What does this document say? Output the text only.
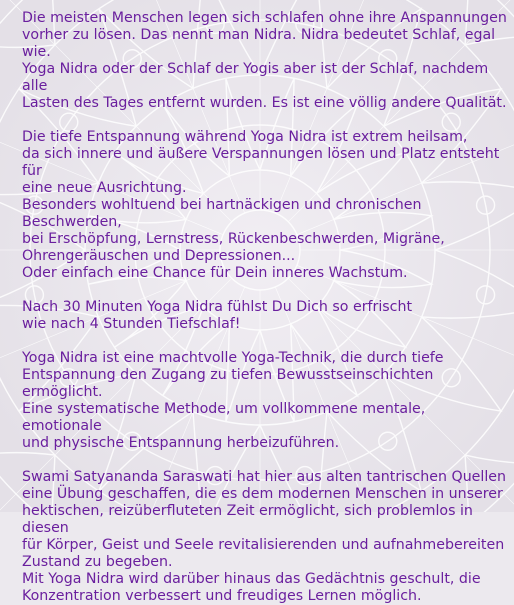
Die meisten Menschen legen sich schlafen ohne ihre Anspannungen

vorher zu lösen. Das nennt man Nidra. Nidra bedeutet Schlaf, egal

wie.

Yoga Nidra oder der Schlaf der Yogis aber ist der Schlaf, nachdem alle

Lasten des Tages entfernt wurden. Es ist eine völlig andere Qualität.

Die tiefe Entspannung während Yoga Nidra ist extrem heilsam,

da sich innere und äußere Verspannungen lösen und Platz entsteht für

eine neue Ausrichtung.

Besonders wohltuend bei hartnäckigen und chronischen Beschwerden,

bei Erschöpfung, Lernstress, Rückenbeschwerden, Migräne,

Ohrengeräuschen und Depressionen...

Oder einfach eine Chance für Dein inneres Wachstum.

Nach 30 Minuten Yoga Nidra fühlst Du Dich so erfrischt

wie nach 4 Stunden Tiefschlaf!

Yoga Nidra ist eine machtvolle Yoga-Technik, die durch tiefe

Entspannung den Zugang zu tiefen Bewusstseinschichten ermöglicht.

Eine systematische Methode, um vollkommene mentale, emotionale

und physische Entspannung herbeizuführen.

Swami Satyananda Saraswati hat hier aus alten tantrischen Quellen

eine Übung geschaffen, die es dem modernen Menschen in unserer

hektischen, reizüberfluteten Zeit ermöglicht, sich problemlos in diesen

für Körper, Geist und Seele revitalisierenden und aufnahmebereiten

Zustand zu begeben.

Mit Yoga Nidra wird darüber hinaus das Gedächtnis geschult, die

Konzentration verbessert und freudiges Lernen möglich.
